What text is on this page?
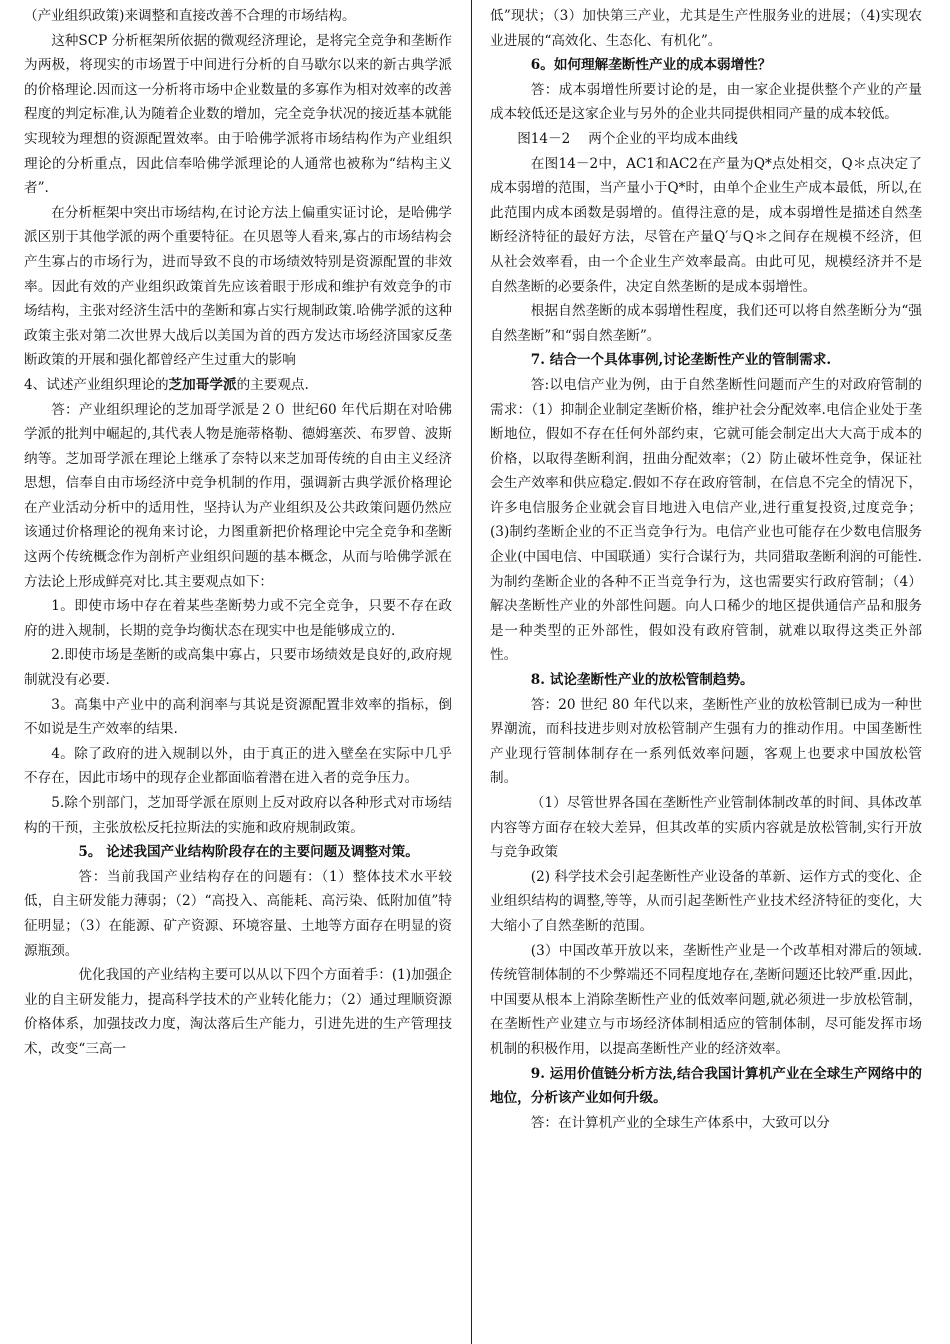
（产业组织政策)来调整和直接改善不合理的市场结构。

这种SCP 分析框架所依据的微观经济理论，是将完全竞争和垄断作为两极，将现实的市场置于中间进行分析的自马歇尔以来的新古典学派的价格理论.因而这一分析将市场中企业数量的多寡作为相对效率的改善程度的判定标准,认为随着企业数的增加，完全竞争状况的接近基本就能实现较为理想的资源配置效率。由于哈佛学派将市场结构作为产业组织理论的分析重点，因此信奉哈佛学派理论的人通常也被称为“结构主义者”.

在分析框架中突出市场结构,在讨论方法上偏重实证讨论，是哈佛学派区别于其他学派的两个重要特征。在贝恩等人看来,寡占的市场结构会产生寡占的市场行为，进而导致不良的市场绩效特别是资源配置的非效率。因此有效的产业组织政策首先应该着眼于形成和维护有效竞争的市场结构，主张对经济生活中的垄断和寡占实行规制政策.哈佛学派的这种政策主张对第二次世界大战后以美国为首的西方发达市场经济国家反垄断政策的开展和强化都曾经产生过重大的影响

4、试述产业组织理论的芝加哥学派的主要观点.

答：产业组织理论的芝加哥学派是２０ 世纪60 年代后期在对哈佛学派的批判中崛起的,其代表人物是施蒂格勒、德姆塞茨、布罗曾、波斯纳等。芝加哥学派在理论上继承了奈特以来芝加哥传统的自由主义经济思想，信奉自由市场经济中竞争机制的作用，强调新古典学派价格理论在产业活动分析中的适用性，坚持认为产业组织及公共政策问题仍然应该通过价格理论的视角来讨论，力图重新把价格理论中完全竞争和垄断这两个传统概念作为剖析产业组织问题的基本概念，从而与哈佛学派在方法论上形成鲜亮对比.其主要观点如下：

1。即使市场中存在着某些垄断势力或不完全竞争，只要不存在政府的进入规制，长期的竞争均衡状态在现实中也是能够成立的.

2.即使市场是垄断的或高集中寡占，只要市场绩效是良好的,政府规制就没有必要.

3。高集中产业中的高利润率与其说是资源配置非效率的指标，倒不如说是生产效率的结果.

4。除了政府的进入规制以外，由于真正的进入壁垒在实际中几乎不存在，因此市场中的现存企业都面临着潜在进入者的竞争压力。

5.除个别部门，芝加哥学派在原则上反对政府以各种形式对市场结构的干预，主张放松反托拉斯法的实施和政府规制政策。

5。 论述我国产业结构阶段存在的主要问题及调整对策。

答：当前我国产业结构存在的问题有：（1）整体技术水平较低，自主研发能力薄弱；（2）“高投入、高能耗、高污染、低附加值”特征明显；（3）在能源、矿产资源、环境容量、土地等方面存在明显的资源瓶颈。

优化我国的产业结构主要可以从以下四个方面着手：(1)加强企业的自主研发能力，提高科学技术的产业转化能力；（2）通过理顺资源价格体系，加强技改力度，淘汰落后生产能力，引进先进的生产管理技术，改变“三高一

低”现状；（3）加快第三产业，尤其是生产性服务业的进展；（4)实现农业进展的“高效化、生态化、有机化”。

6。如何理解垄断性产业的成本弱增性？

答：成本弱增性所要讨论的是，由一家企业提供整个产业的产量成本较低还是这家企业与另外的企业共同提供相同产量的成本较低。

图14－2　 两个企业的平均成本曲线

在图14－2中，AC1和AC2在产量为Q*点处相交，Q＊点决定了成本弱增的范围，当产量小于Q*时，由单个企业生产成本最低，所以,在此范围内成本函数是弱增的。值得注意的是，成本弱增性是描述自然垄断经济特征的最好方法，尽管在产量Q′与Q＊之间存在规模不经济，但从社会效率看，由一个企业生产效率最高。由此可见，规模经济并不是自然垄断的必要条件，决定自然垄断的是成本弱增性。

根据自然垄断的成本弱增性程度，我们还可以将自然垄断分为“强自然垄断”和“弱自然垄断”。

7. 结合一个具体事例,讨论垄断性产业的管制需求.

答:以电信产业为例，由于自然垄断性问题而产生的对政府管制的需求：（1）抑制企业制定垄断价格，维护社会分配效率.电信企业处于垄断地位，假如不存在任何外部约束，它就可能会制定出大大高于成本的价格，以取得垄断利润，扭曲分配效率；（2）防止破坏性竞争，保证社会生产效率和供应稳定.假如不存在政府管制，在信息不完全的情况下，许多电信服务企业就会盲目地进入电信产业,进行重复投资,过度竞争；(3)制约垄断企业的不正当竞争行为。电信产业也可能存在少数电信服务企业(中国电信、中国联通）实行合谋行为，共同猎取垄断利润的可能性.为制约垄断企业的各种不正当竞争行为，这也需要实行政府管制；（4）解决垄断性产业的外部性问题。向人口稀少的地区提供通信产品和服务是一种类型的正外部性，假如没有政府管制，就难以取得这类正外部性。

8. 试论垄断性产业的放松管制趋势。

答：20 世纪 80 年代以来，垄断性产业的放松管制已成为一种世界潮流，而科技进步则对放松管制产生强有力的推动作用。中国垄断性产业现行管制体制存在一系列低效率问题，客观上也要求中国放松管制。

（1）尽管世界各国在垄断性产业管制体制改革的时间、具体改革内容等方面存在较大差异，但其改革的实质内容就是放松管制,实行开放与竞争政策

(2) 科学技术会引起垄断性产业设备的革新、运作方式的变化、企业组织结构的调整,等等，从而引起垄断性产业技术经济特征的变化，大大缩小了自然垄断的范围。

(3）中国改革开放以来，垄断性产业是一个改革相对滞后的领域.传统管制体制的不少弊端还不同程度地存在,垄断问题还比较严重.因此，中国要从根本上消除垄断性产业的低效率问题,就必须进一步放松管制，在垄断性产业建立与市场经济体制相适应的管制体制，尽可能发挥市场机制的积极作用，以提高垄断性产业的经济效率。

9. 运用价值链分析方法,结合我国计算机产业在全球生产网络中的地位，分析该产业如何升级。

答：在计算机产业的全球生产体系中，大致可以分
